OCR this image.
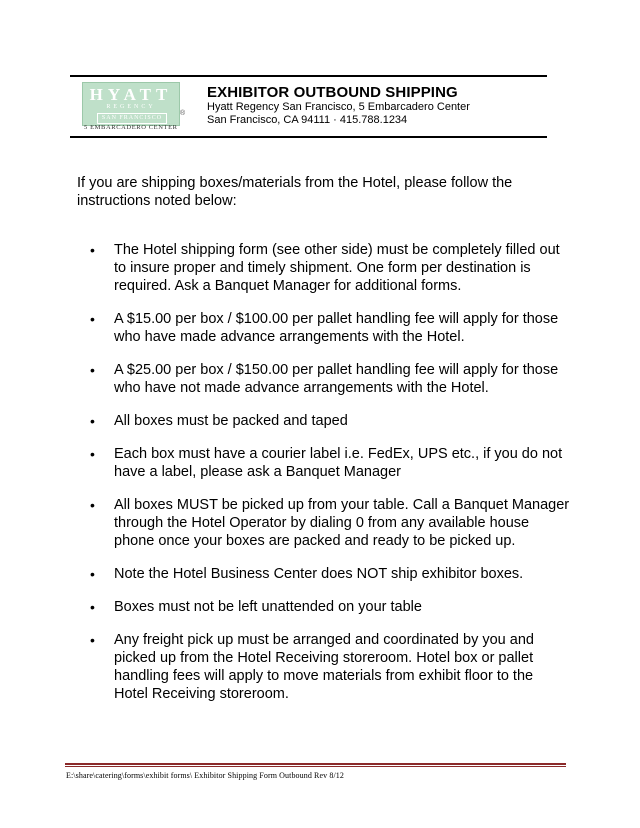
HYATT
REGENCY
SAN FRANCISCO
®
5 EMBARCADERO CENTER
EXHIBITOR OUTBOUND SHIPPING
Hyatt Regency San Francisco, 5 Embarcadero Center
San Francisco, CA 94111 · 415.788.1234
If you are shipping boxes/materials from the Hotel, please follow the instructions noted below:
• The Hotel shipping form (see other side) must be completely filled out to insure proper and timely shipment. One form per destination is required. Ask a Banquet Manager for additional forms.
• A $15.00 per box / $100.00 per pallet handling fee will apply for those who have made advance arrangements with the Hotel.
• A $25.00 per box / $150.00 per pallet handling fee will apply for those who have not made advance arrangements with the Hotel.
• All boxes must be packed and taped
• Each box must have a courier label i.e. FedEx, UPS etc., if you do not have a label, please ask a Banquet Manager
• All boxes MUST be picked up from your table. Call a Banquet Manager through the Hotel Operator by dialing 0 from any available house phone once your boxes are packed and ready to be picked up.
• Note the Hotel Business Center does NOT ship exhibitor boxes.
• Boxes must not be left unattended on your table
• Any freight pick up must be arranged and coordinated by you and picked up from the Hotel Receiving storeroom. Hotel box or pallet handling fees will apply to move materials from exhibit floor to the Hotel Receiving storeroom.
E:\share\catering\forms\exhibit forms\ Exhibitor Shipping Form Outbound Rev 8/12
